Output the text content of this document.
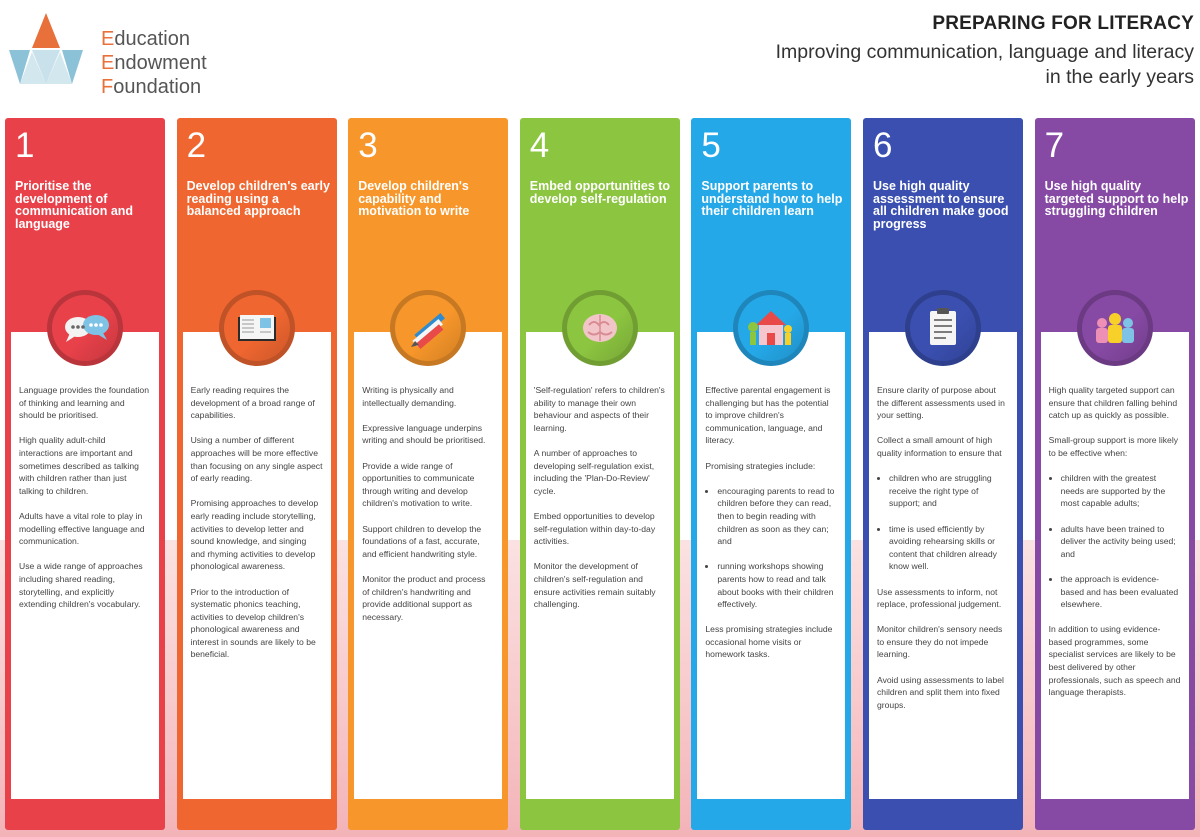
Education
Endowment
Foundation
PREPARING FOR LITERACY
Improving communication, language and literacy in the early years
1
Prioritise the development of communication and language

Language provides the foundation of thinking and learning and should be prioritised.

High quality adult-child interactions are important and sometimes described as talking with children rather than just talking to children.

Adults have a vital role to play in modelling effective language and communication.

Use a wide range of approaches including shared reading, storytelling, and explicitly extending children's vocabulary.

2
Develop children's early reading using a balanced approach

Early reading requires the development of a broad range of capabilities.

Using a number of different approaches will be more effective than focusing on any single aspect of early reading.

Promising approaches to develop early reading include storytelling, activities to develop letter and sound knowledge, and singing and rhyming activities to develop phonological awareness.

Prior to the introduction of systematic phonics teaching, activities to develop children's phonological awareness and interest in sounds are likely to be beneficial.

3
Develop children's capability and motivation to write

Writing is physically and intellectually demanding.

Expressive language underpins writing and should be prioritised.

Provide a wide range of opportunities to communicate through writing and develop children's motivation to write.

Support children to develop the foundations of a fast, accurate, and efficient handwriting style.

Monitor the product and process of children's handwriting and provide additional support as necessary.

4
Embed opportunities to develop self-regulation

'Self-regulation' refers to children's ability to manage their own behaviour and aspects of their learning.

A number of approaches to developing self-regulation exist, including the 'Plan-Do-Review' cycle.

Embed opportunities to develop self-regulation within day-to-day activities.

Monitor the development of children's self-regulation and ensure activities remain suitably challenging.

5
Support parents to understand how to help their children learn

Effective parental engagement is challenging but has the potential to improve children's communication, language, and literacy.

Promising strategies include:

• encouraging parents to read to children before they can read, then to begin reading with children as soon as they can; and
• running workshops showing parents how to read and talk about books with their children effectively.

Less promising strategies include occasional home visits or homework tasks.

6
Use high quality assessment to ensure all children make good progress

Ensure clarity of purpose about the different assessments used in your setting.

Collect a small amount of high quality information to ensure that

• children who are struggling receive the right type of support; and
• time is used efficiently by avoiding rehearsing skills or content that children already know well.

Use assessments to inform, not replace, professional judgement.

Monitor children's sensory needs to ensure they do not impede learning.

Avoid using assessments to label children and split them into fixed groups.

7
Use high quality targeted support to help struggling children

High quality targeted support can ensure that children falling behind catch up as quickly as possible.

Small-group support is more likely to be effective when:

• children with the greatest needs are supported by the most capable adults;
• adults have been trained to deliver the activity being used; and
• the approach is evidence-based and has been evaluated elsewhere.

In addition to using evidence-based programmes, some specialist services are likely to be best delivered by other professionals, such as speech and language therapists.
